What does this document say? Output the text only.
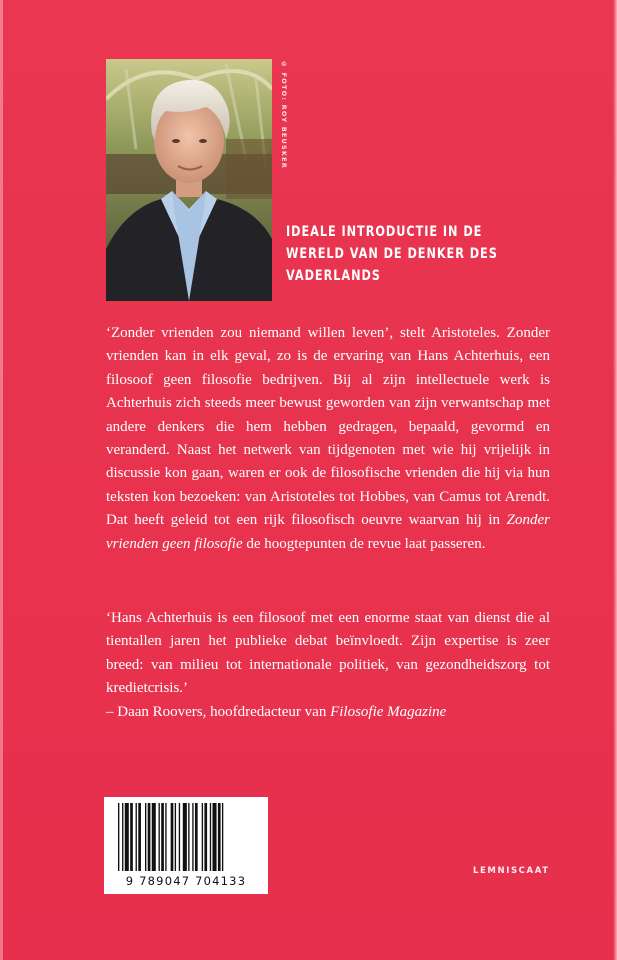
© FOTO: ROY BEUSKER
IDEALE INTRODUCTIE IN DE
WERELD VAN DE DENKER DES
VADERLANDS
‘Zonder vrienden zou niemand willen leven’, stelt Aristoteles. Zonder vrienden kan in elk geval, zo is de ervaring van Hans Achterhuis, een filosoof geen filosofie bedrijven. Bij al zijn intellectuele werk is Achterhuis zich steeds meer bewust geworden van zijn verwantschap met andere denkers die hem hebben gedragen, bepaald, gevormd en veranderd. Naast het netwerk van tijdgenoten met wie hij vrijelijk in discussie kon gaan, waren er ook de filosofische vrienden die hij via hun teksten kon bezoeken: van Aristoteles tot Hobbes, van Camus tot Arendt. Dat heeft geleid tot een rijk filosofisch oeuvre waarvan hij in Zonder vrienden geen filosofie de hoogtepunten de revue laat passeren.
‘Hans Achterhuis is een filosoof met een enorme staat van dienst die al tientallen jaren het publieke debat beïnvloedt. Zijn expertise is zeer breed: van milieu tot internationale politiek, van gezondheidszorg tot kredietcrisis.’
– Daan Roovers, hoofdredacteur van Filosofie Magazine
9 789047 704133
LEMNISCAAT
